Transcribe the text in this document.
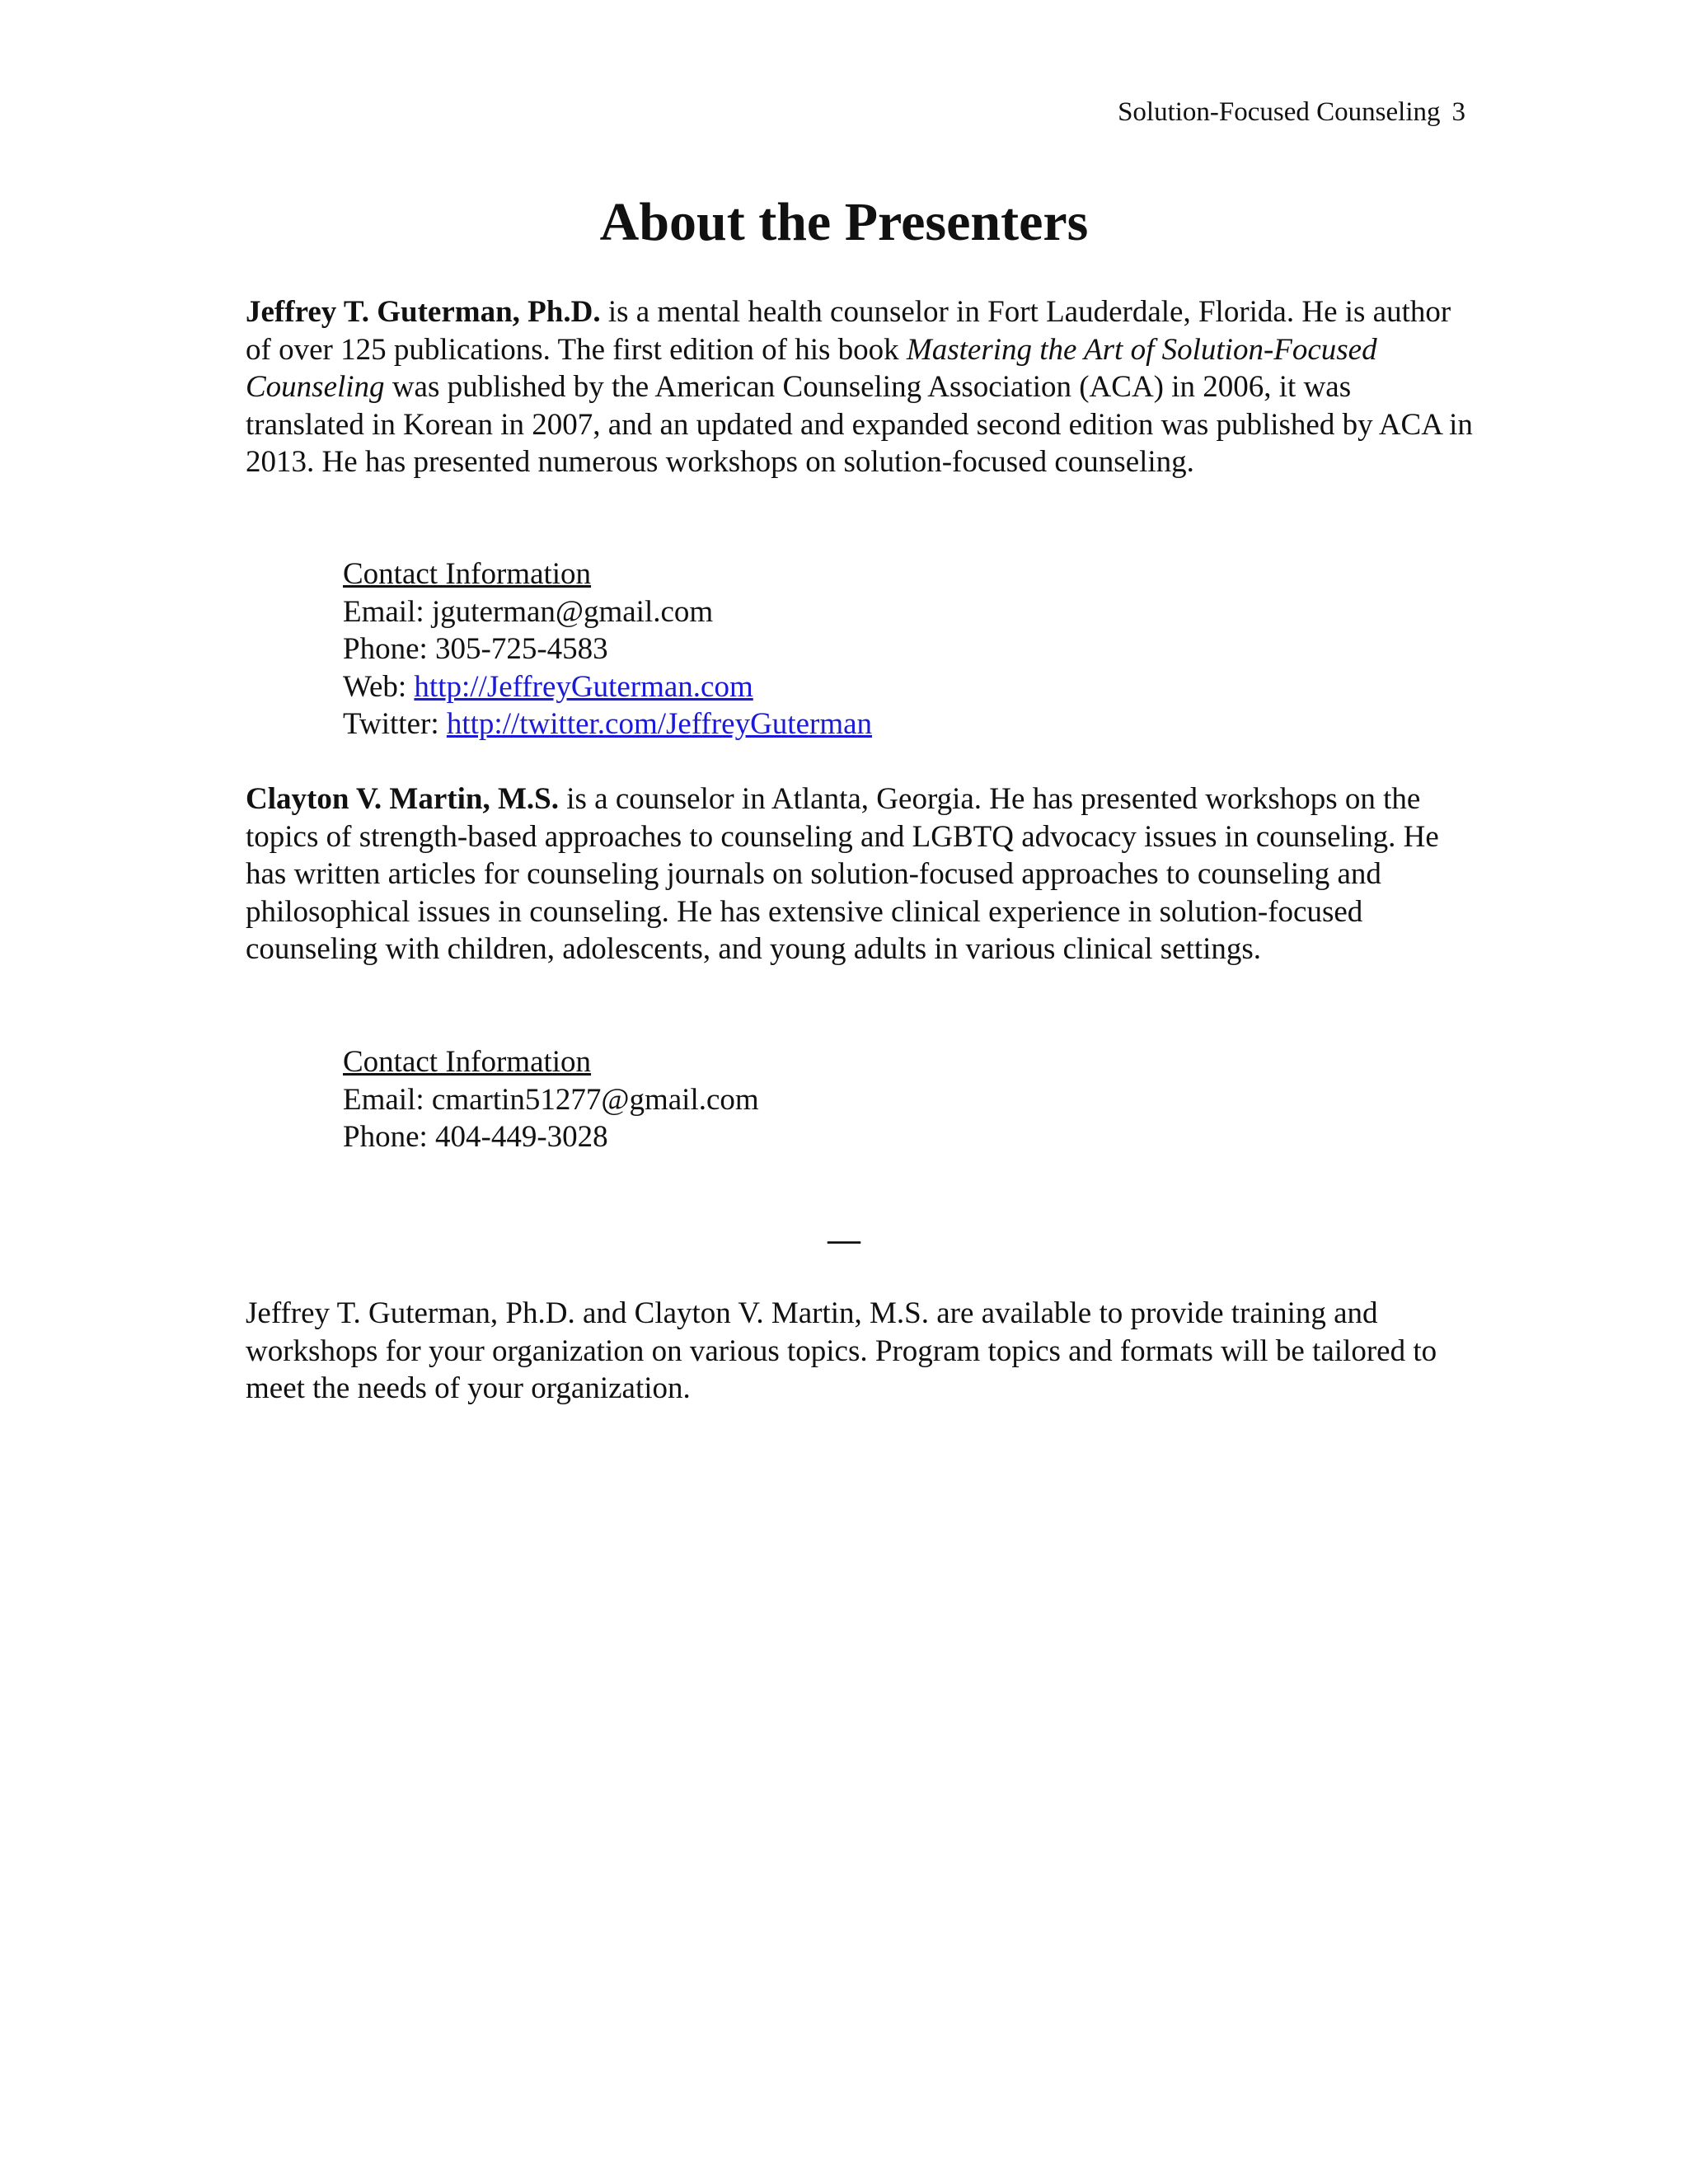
Solution-Focused Counseling 3
About the Presenters

Jeffrey T. Guterman, Ph.D. is a mental health counselor in Fort Lauderdale, Florida. He is author of over 125 publications. The first edition of his book Mastering the Art of Solution-Focused Counseling was published by the American Counseling Association (ACA) in 2006, it was translated in Korean in 2007, and an updated and expanded second edition was published by ACA in 2013. He has presented numerous workshops on solution-focused counseling.

Contact Information
Email: jguterman@gmail.com
Phone: 305-725-4583
Web: http://JeffreyGuterman.com
Twitter: http://twitter.com/JeffreyGuterman

Clayton V. Martin, M.S. is a counselor in Atlanta, Georgia. He has presented workshops on the topics of strength-based approaches to counseling and LGBTQ advocacy issues in counseling. He has written articles for counseling journals on solution-focused approaches to counseling and philosophical issues in counseling. He has extensive clinical experience in solution-focused counseling with children, adolescents, and young adults in various clinical settings.

Contact Information
Email: cmartin51277@gmail.com
Phone: 404-449-3028
—

Jeffrey T. Guterman, Ph.D. and Clayton V. Martin, M.S. are available to provide training and workshops for your organization on various topics. Program topics and formats will be tailored to meet the needs of your organization.
